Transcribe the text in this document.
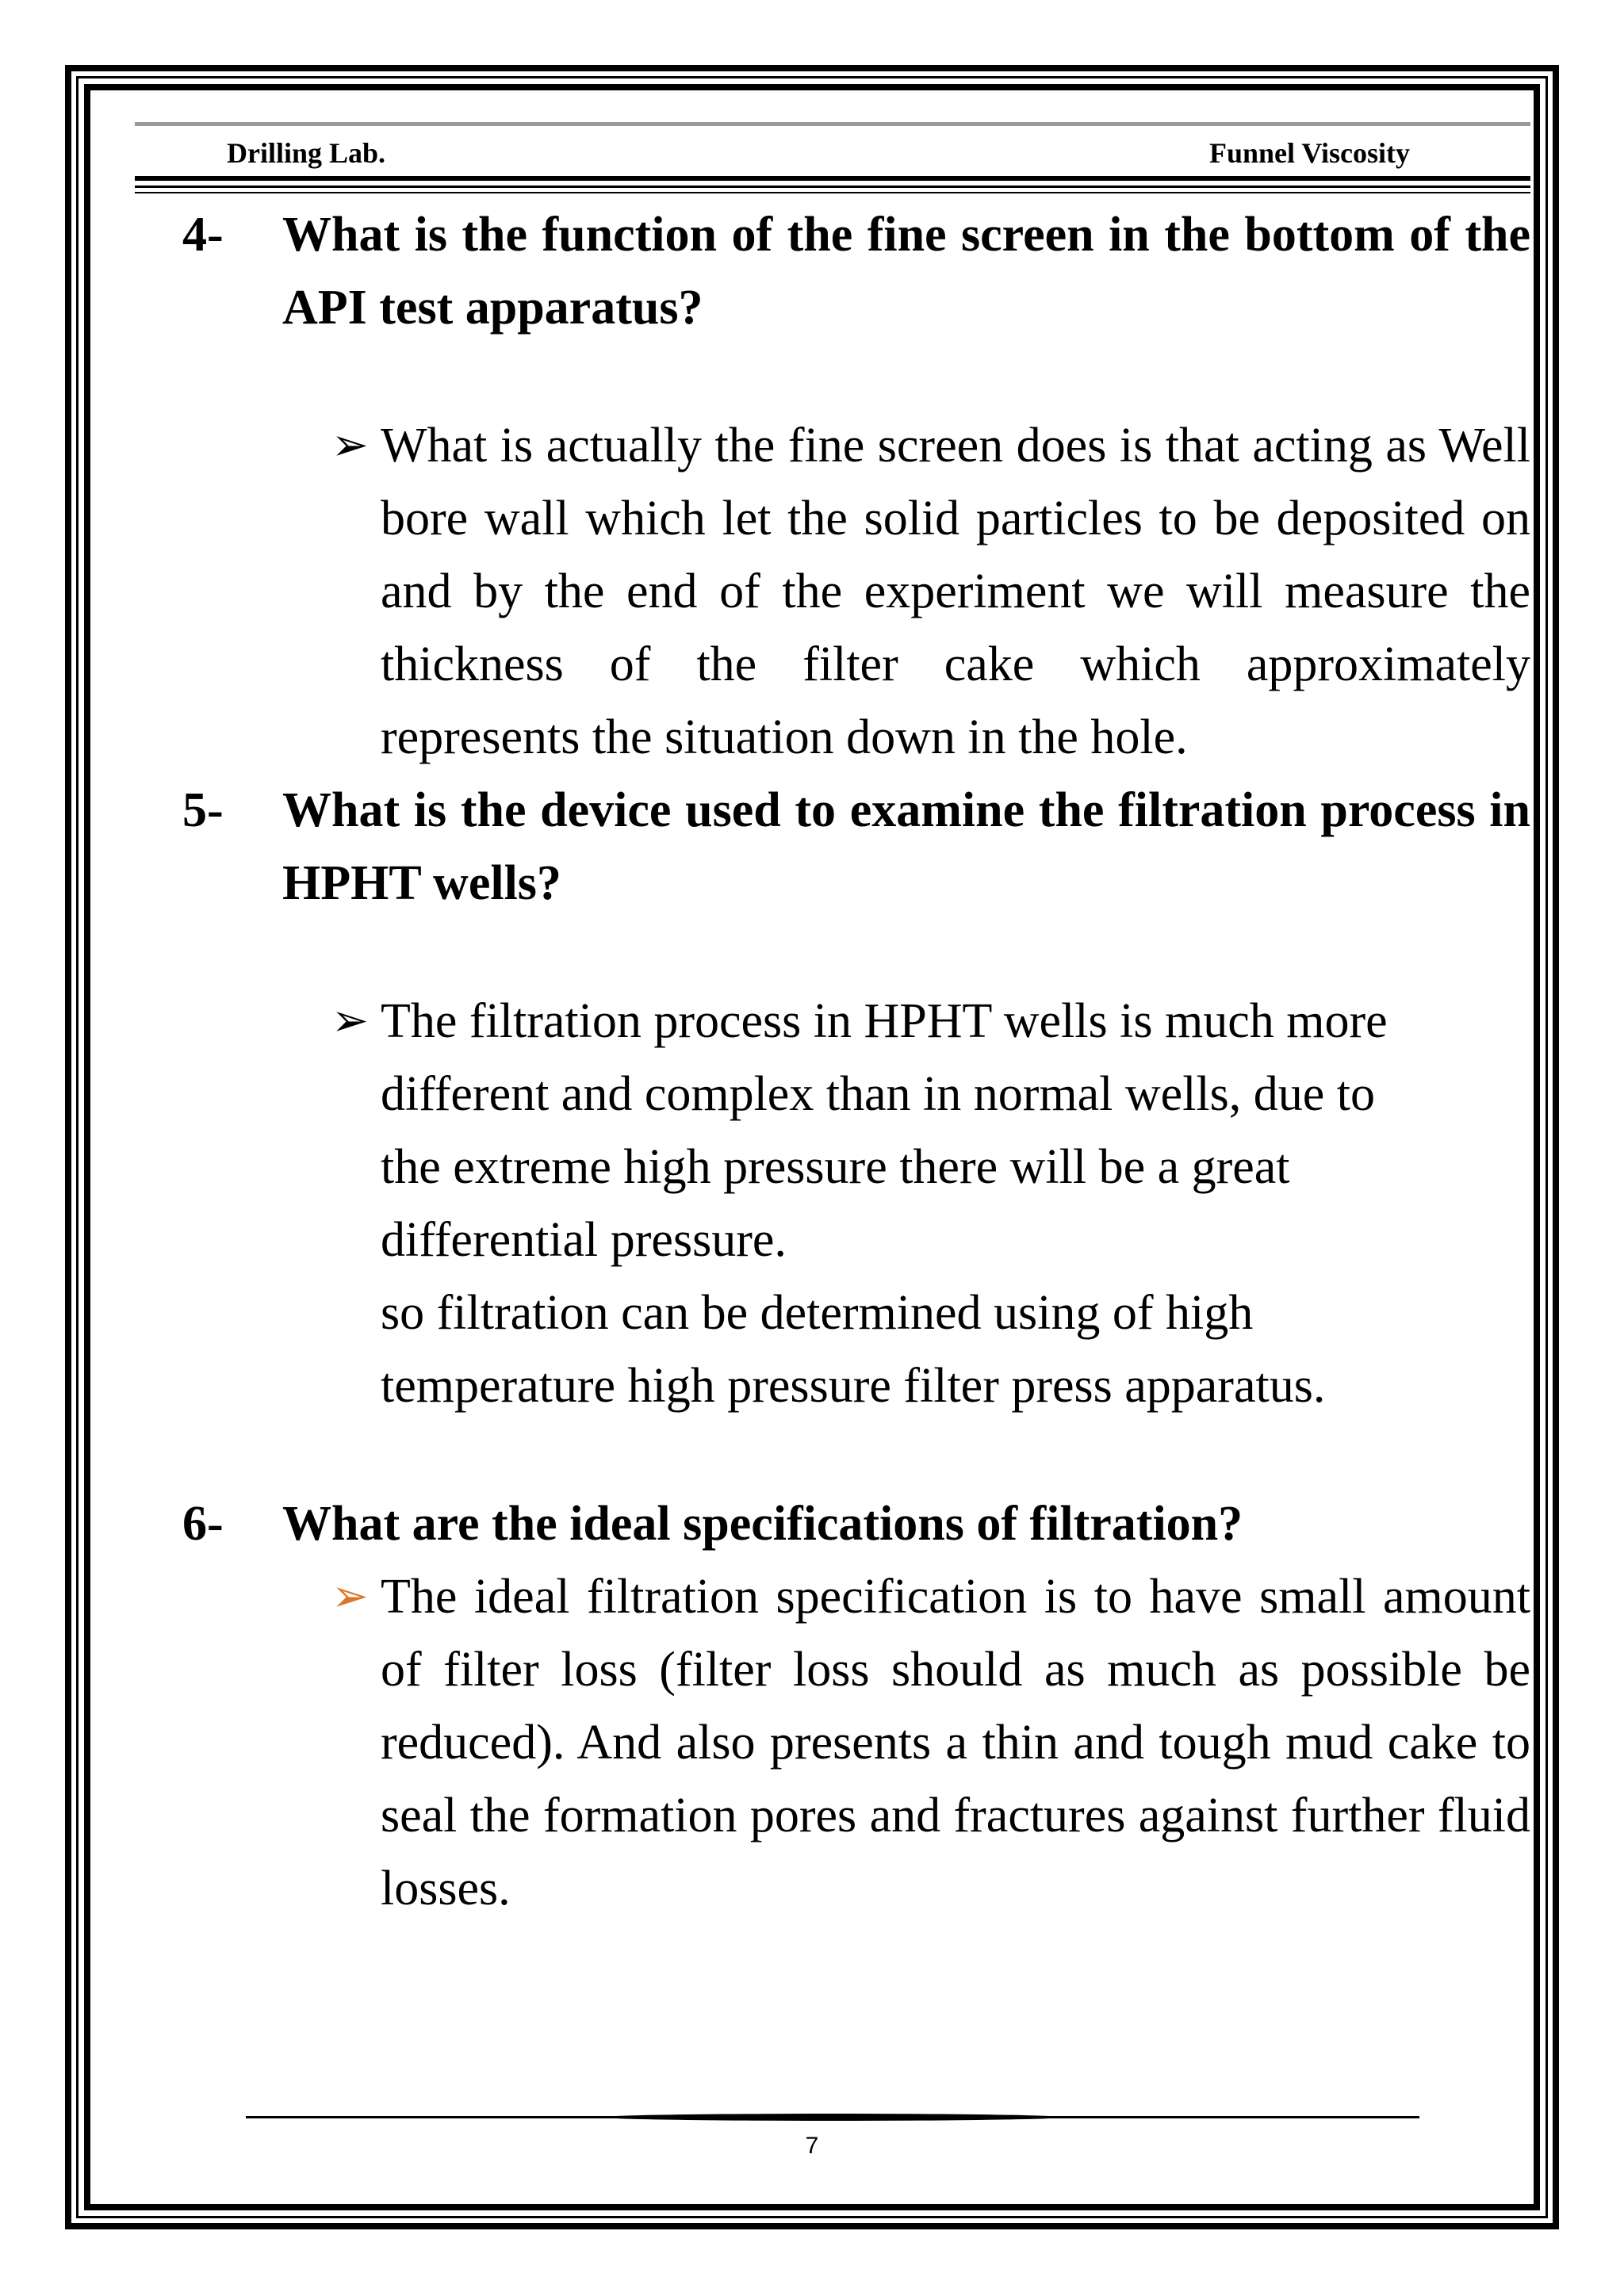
Drilling Lab.	Funnel Viscosity
4-	What is the function of the fine screen in the bottom of the API test apparatus?
➢ What is actually the fine screen does is that acting as Well bore wall which let the solid particles to be deposited on and by the end of the experiment we will measure the thickness of the filter cake which approximately represents the situation down in the hole.
5-	What is the device used to examine the filtration process in HPHT wells?
➢ The filtration process in HPHT wells is much more
different and complex than in normal wells, due to
the extreme high pressure there will be a great
differential pressure.
so filtration can be determined using of high
temperature high pressure filter press apparatus.
6-	What are the ideal specifications of filtration?
➢ The ideal filtration specification is to have small amount of filter loss (filter loss should as much as possible be reduced). And also presents a thin and tough mud cake to seal the formation pores and fractures against further fluid losses.
7
